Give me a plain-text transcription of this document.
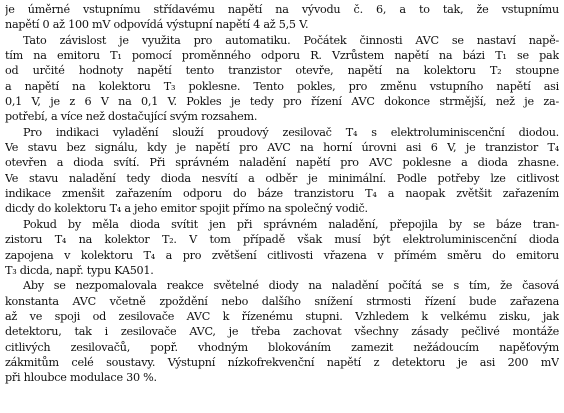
je úměrné vstupnímu střídavému napětí na vývodu č. 6, a to tak, že vstupnímu
napětí 0 až 100 mV odpovídá výstupní napětí 4 až 5,5 V.
Tato závislost je využita pro automatiku. Počátek činnosti AVC se nastaví napě-
tím na emitoru T₁ pomocí proměnného odporu R. Vzrůstem napětí na bázi T₁ se pak
od určité hodnoty napětí tento tranzistor otevře, napětí na kolektoru T₂ stoupne
a napětí na kolektoru T₃ poklesne. Tento pokles, pro změnu vstupního napětí asi
0,1 V, je z 6 V na 0,1 V. Pokles je tedy pro řízení AVC dokonce strmější, než je za-
potřebí, a více než dostačující svým rozsahem.
Pro indikaci vyladění slouží proudový zesilovač T₄ s elektroluminiscenční diodou.
Ve stavu bez signálu, kdy je napětí pro AVC na horní úrovni asi 6 V, je tranzistor T₄
otevřen a dioda svítí. Při správném naladění napětí pro AVC poklesne a dioda zhasne.
Ve stavu naladění tedy dioda nesvítí a odběr je minimální. Podle potřeby lze citlivost
indikace zmenšit zařazením odporu do báze tranzistoru T₄ a naopak zvětšit zařazením
dicdy do kolektoru T₄ a jeho emitor spojit přímo na společný vodič.
Pokud by měla dioda svítit jen při správném naladění, přepojila by se báze tran-
zistoru T₄ na kolektor T₂. V tom případě však musí být elektroluminiscenční dioda
zapojena v kolektoru T₄ a pro zvětšení citlivosti vřazena v přímém směru do emitoru
T₃ dicda, např. typu KA501.
Aby se nezpomalovala reakce světelné diody na naladění počítá se s tím, že časová
konstanta AVC včetně zpoždění nebo dalšího snížení strmosti řízení bude zařazena
až ve spoji od zesilovače AVC k řízenému stupni. Vzhledem k velkému zisku, jak
detektoru, tak i zesilovače AVC, je třeba zachovat všechny zásady pečlivé montáže
citlivých zesilovačů, popř. vhodným blokováním zamezit nežádoucím napěťovým
zákmitům celé soustavy. Výstupní nízkofrekvenční napětí z detektoru je asi 200 mV
při hloubce modulace 30 %.
